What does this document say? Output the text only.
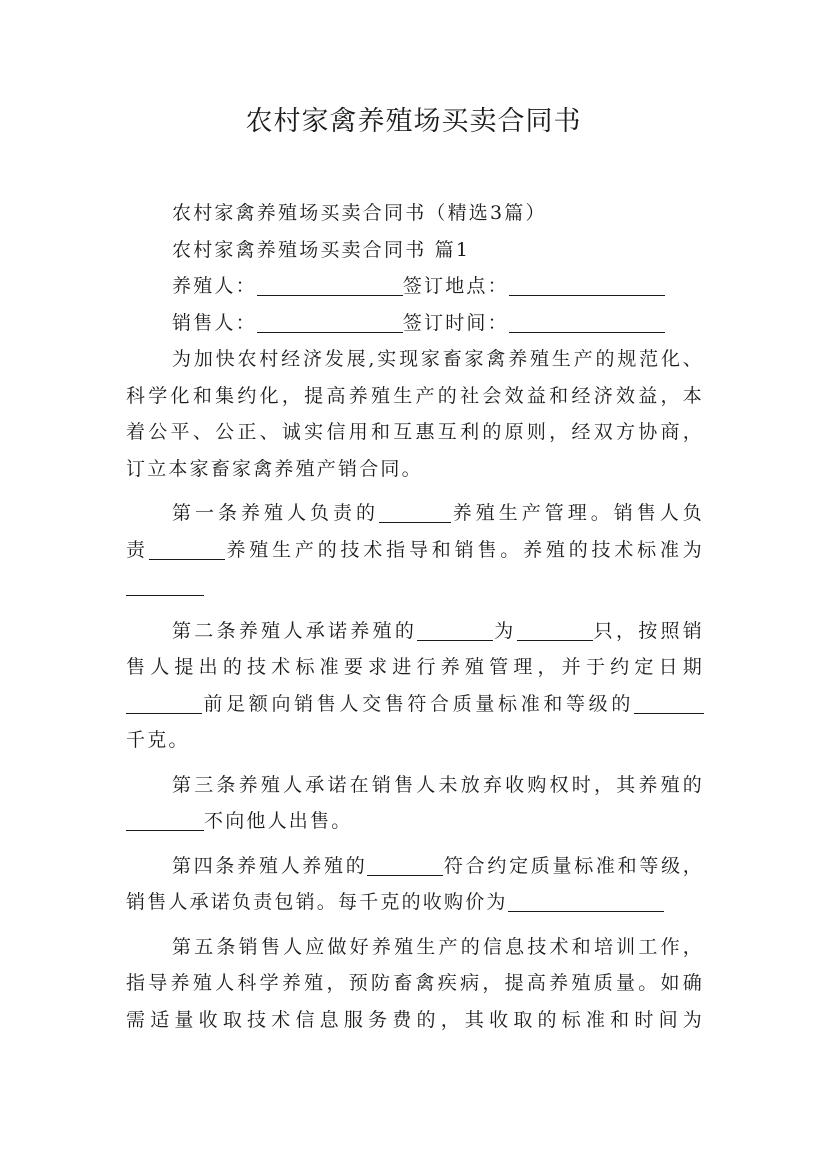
农村家禽养殖场买卖合同书
农村家禽养殖场买卖合同书（精选3篇）
农村家禽养殖场买卖合同书 篇1
养殖人：	签订地点：
销售人：	签订时间：
为加快农村经济发展,实现家畜家禽养殖生产的规范化、
科学化和集约化，提高养殖生产的社会效益和经济效益，本
着公平、公正、诚实信用和互惠互利的原则，经双方协商，
订立本家畜家禽养殖产销合同。
第一条养殖人负责的	养殖生产管理。销售人负
责	养殖生产的技术指导和销售。养殖的技术标准为
第二条养殖人承诺养殖的	为	只，按照销
售人提出的技术标准要求进行养殖管理，并于约定日期
前足额向销售人交售符合质量标准和等级的
千克。
第三条养殖人承诺在销售人未放弃收购权时，其养殖的
不向他人出售。
第四条养殖人养殖的	符合约定质量标准和等级，
销售人承诺负责包销。每千克的收购价为
第五条销售人应做好养殖生产的信息技术和培训工作，
指导养殖人科学养殖，预防畜禽疾病，提高养殖质量。如确
需适量收取技术信息服务费的，其收取的标准和时间为
